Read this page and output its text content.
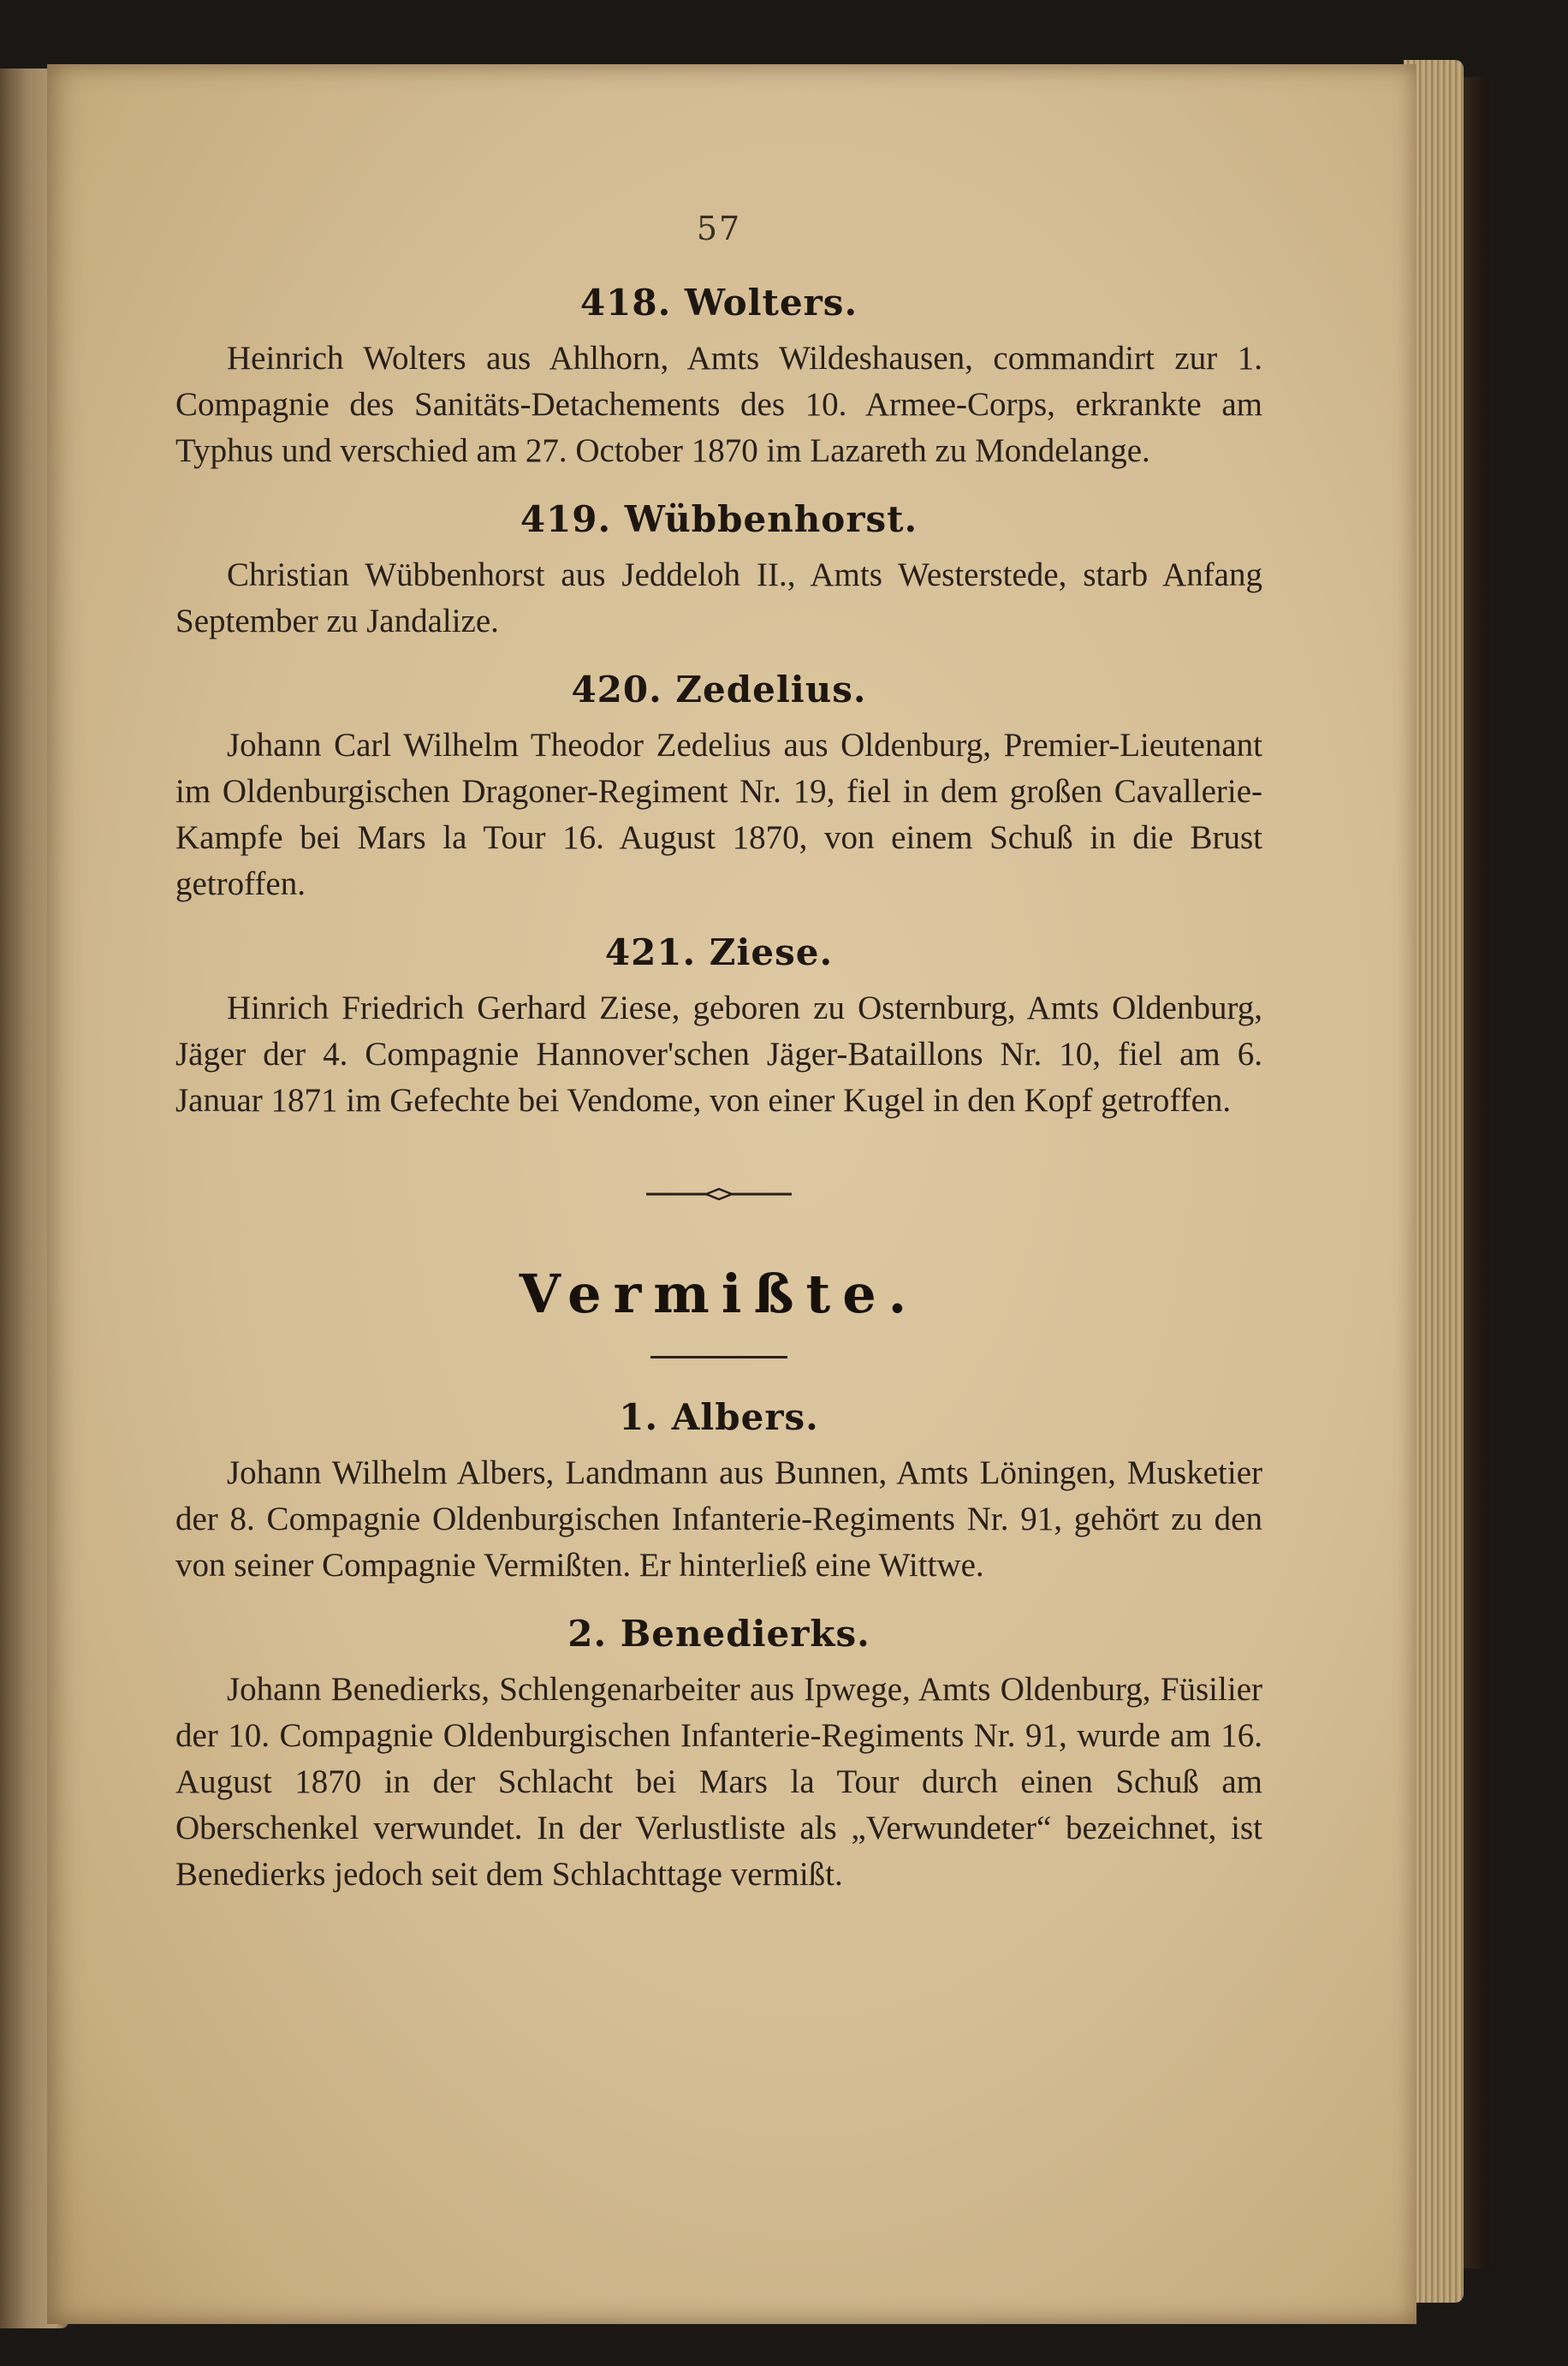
57
418. Wolters.
Heinrich Wolters aus Ahlhorn, Amts Wildeshausen, commandirt zur 1. Compagnie des Sanitäts-Detachements des 10. Armee-Corps, erkrankte am Typhus und verschied am 27. October 1870 im Lazareth zu Mondelange.
419. Wübbenhorst.
Christian Wübbenhorst aus Jeddeloh II., Amts Westerstede, starb Anfang September zu Jandalize.
420. Zedelius.
Johann Carl Wilhelm Theodor Zedelius aus Oldenburg, Premier-Lieutenant im Oldenburgischen Dragoner-Regiment Nr. 19, fiel in dem großen Cavallerie-Kampfe bei Mars la Tour 16. August 1870, von einem Schuß in die Brust getroffen.
421. Ziese.
Hinrich Friedrich Gerhard Ziese, geboren zu Osternburg, Amts Oldenburg, Jäger der 4. Compagnie Hannover'schen Jäger-Bataillons Nr. 10, fiel am 6. Januar 1871 im Gefechte bei Vendome, von einer Kugel in den Kopf getroffen.
Vermißte.
1. Albers.
Johann Wilhelm Albers, Landmann aus Bunnen, Amts Löningen, Musketier der 8. Compagnie Oldenburgischen Infanterie-Regiments Nr. 91, gehört zu den von seiner Compagnie Vermißten. Er hinterließ eine Wittwe.
2. Benedierks.
Johann Benedierks, Schlengenarbeiter aus Ipwege, Amts Oldenburg, Füsilier der 10. Compagnie Oldenburgischen Infanterie-Regiments Nr. 91, wurde am 16. August 1870 in der Schlacht bei Mars la Tour durch einen Schuß am Oberschenkel verwundet. In der Verlustliste als „Verwundeter“ bezeichnet, ist Benedierks jedoch seit dem Schlachttage vermißt.
